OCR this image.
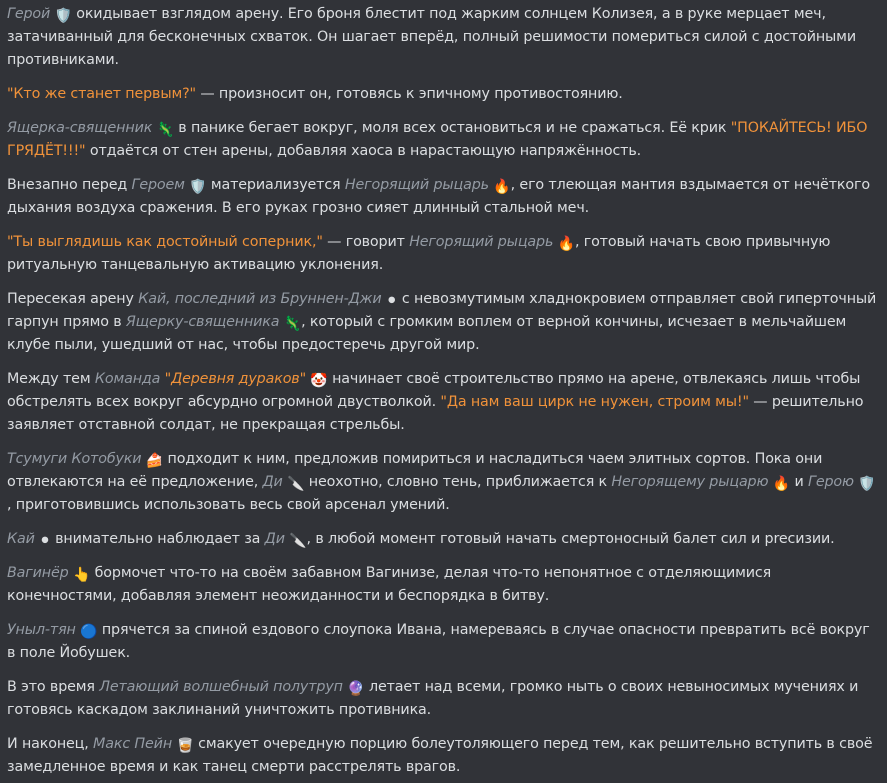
Герой 🛡️ окидывает взглядом арену. Его броня блестит под жарким солнцем Колизея, а в руке мерцает меч, затачиванный для бесконечных схваток. Он шагает вперёд, полный решимости помериться силой с достойными противниками.

"Кто же станет первым?" — произносит он, готовясь к эпичному противостоянию.

Ящерка-священник 🦎 в панике бегает вокруг, моля всех остановиться и не сражаться. Её крик "ПОКАЙТЕСЬ! ИБО ГРЯДЁТ!!!" отдаётся от стен арены, добавляя хаоса в нарастающую напряжённость.

Внезапно перед Героем 🛡️ материализуется Негорящий рыцарь 🔥, его тлеющая мантия вздымается от нечёткого дыхания воздуха сражения. В его руках грозно сияет длинный стальной меч.

"Ты выглядишь как достойный соперник," — говорит Негорящий рыцарь 🔥, готовый начать свою привычную ритуальную танцевальную активацию уклонения.

Пересекая арену Кай, последний из Бруннен-Джи ⚫ с невозмутимым хладнокровием отправляет свой гиперточный гарпун прямо в Ящерку-священника 🦎, который с громким воплем от верной кончины, исчезает в мельчайшем клубе пыли, ушедший от нас, чтобы предостеречь другой мир.

Между тем Команда "Деревня дураков" 🤡 начинает своё строительство прямо на арене, отвлекаясь лишь чтобы обстрелять всех вокруг абсурдно огромной двустволкой. "Да нам ваш цирк не нужен, строим мы!" — решительно заявляет отставной солдат, не прекращая стрельбы.

Тсумуги Котобуки 🍰 подходит к ним, предложив помириться и насладиться чаем элитных сортов. Пока они отвлекаются на её предложение, Ди 🔪 неохотно, словно тень, приближается к Негорящему рыцарю 🔥 и Герою 🛡️, приготовившись использовать весь свой арсенал умений.

Кай ⚫ внимательно наблюдает за Ди 🔪, в любой момент готовый начать смертоносный балет сил и precизии.

Вагинёр 👆 бормочет что-то на своём забавном Вагинизе, делая что-то непонятное с отделяющимися конечностями, добавляя элемент неожиданности и беспорядка в битву.

Уныл-тян 🔵 прячется за спиной ездового слоупока Ивана, намереваясь в случае опасности превратить всё вокруг в поле Йобушек.

В это время Летающий волшебный полутруп 🔮 летает над всеми, громко ныть о своих невыносимых мучениях и готовясь каскадом заклинаний уничтожить противника.

И наконец, Макс Пейн 🥃 смакует очередную порцию болеутоляющего перед тем, как решительно вступить в своё замедленное время и как танец смерти расстрелять врагов.
